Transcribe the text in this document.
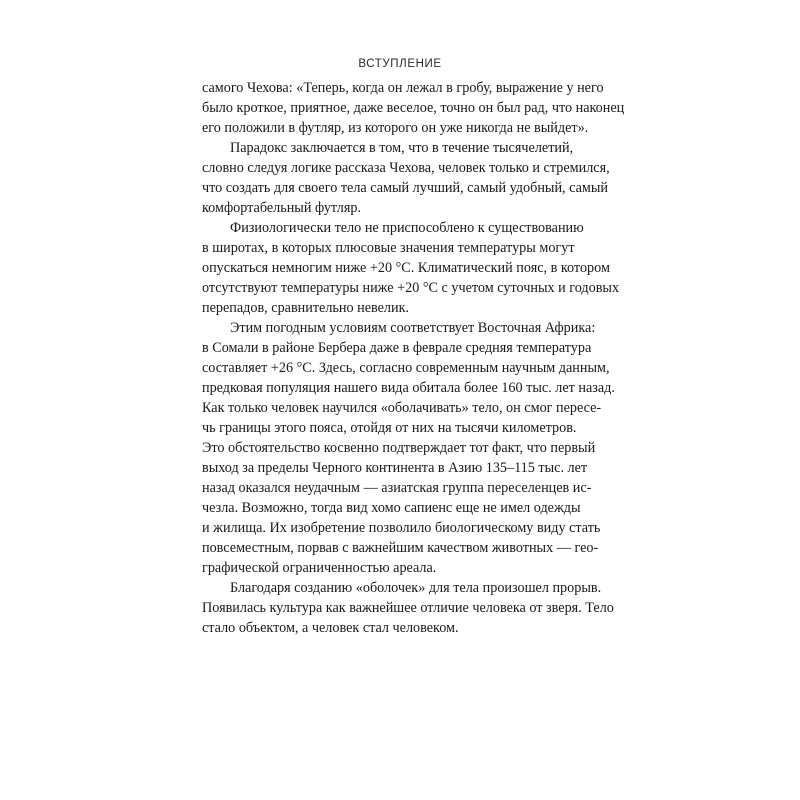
ВСТУПЛЕНИЕ

самого Чехова: «Теперь, когда он лежал в гробу, выражение у него
было кроткое, приятное, даже веселое, точно он был рад, что наконец
его положили в футляр, из которого он уже никогда не выйдет».

Парадокс заключается в том, что в течение тысячелетий,
словно следуя логике рассказа Чехова, человек только и стремился,
что создать для своего тела самый лучший, самый удобный, самый
комфортабельный футляр.

Физиологически тело не приспособлено к существованию
в широтах, в которых плюсовые значения температуры могут
опускаться немногим ниже +20 °С. Климатический пояс, в котором
отсутствуют температуры ниже +20 °С с учетом суточных и годовых
перепадов, сравнительно невелик.

Этим погодным условиям соответствует Восточная Африка:
в Сомали в районе Бербера даже в феврале средняя температура
составляет +26 °С. Здесь, согласно современным научным данным,
предковая популяция нашего вида обитала более 160 тыс. лет назад.
Как только человек научился «оболачивать» тело, он смог пересе-
чь границы этого пояса, отойдя от них на тысячи километров.
Это обстоятельство косвенно подтверждает тот факт, что первый
выход за пределы Черного континента в Азию 135–115 тыс. лет
назад оказался неудачным — азиатская группа переселенцев ис-
чезла. Возможно, тогда вид хомо сапиенс еще не имел одежды
и жилища. Их изобретение позволило биологическому виду стать
повсеместным, порвав с важнейшим качеством животных — гео-
графической ограниченностью ареала.

Благодаря созданию «оболочек» для тела произошел прорыв.
Появилась культура как важнейшее отличие человека от зверя. Тело
стало объектом, а человек стал человеком.
